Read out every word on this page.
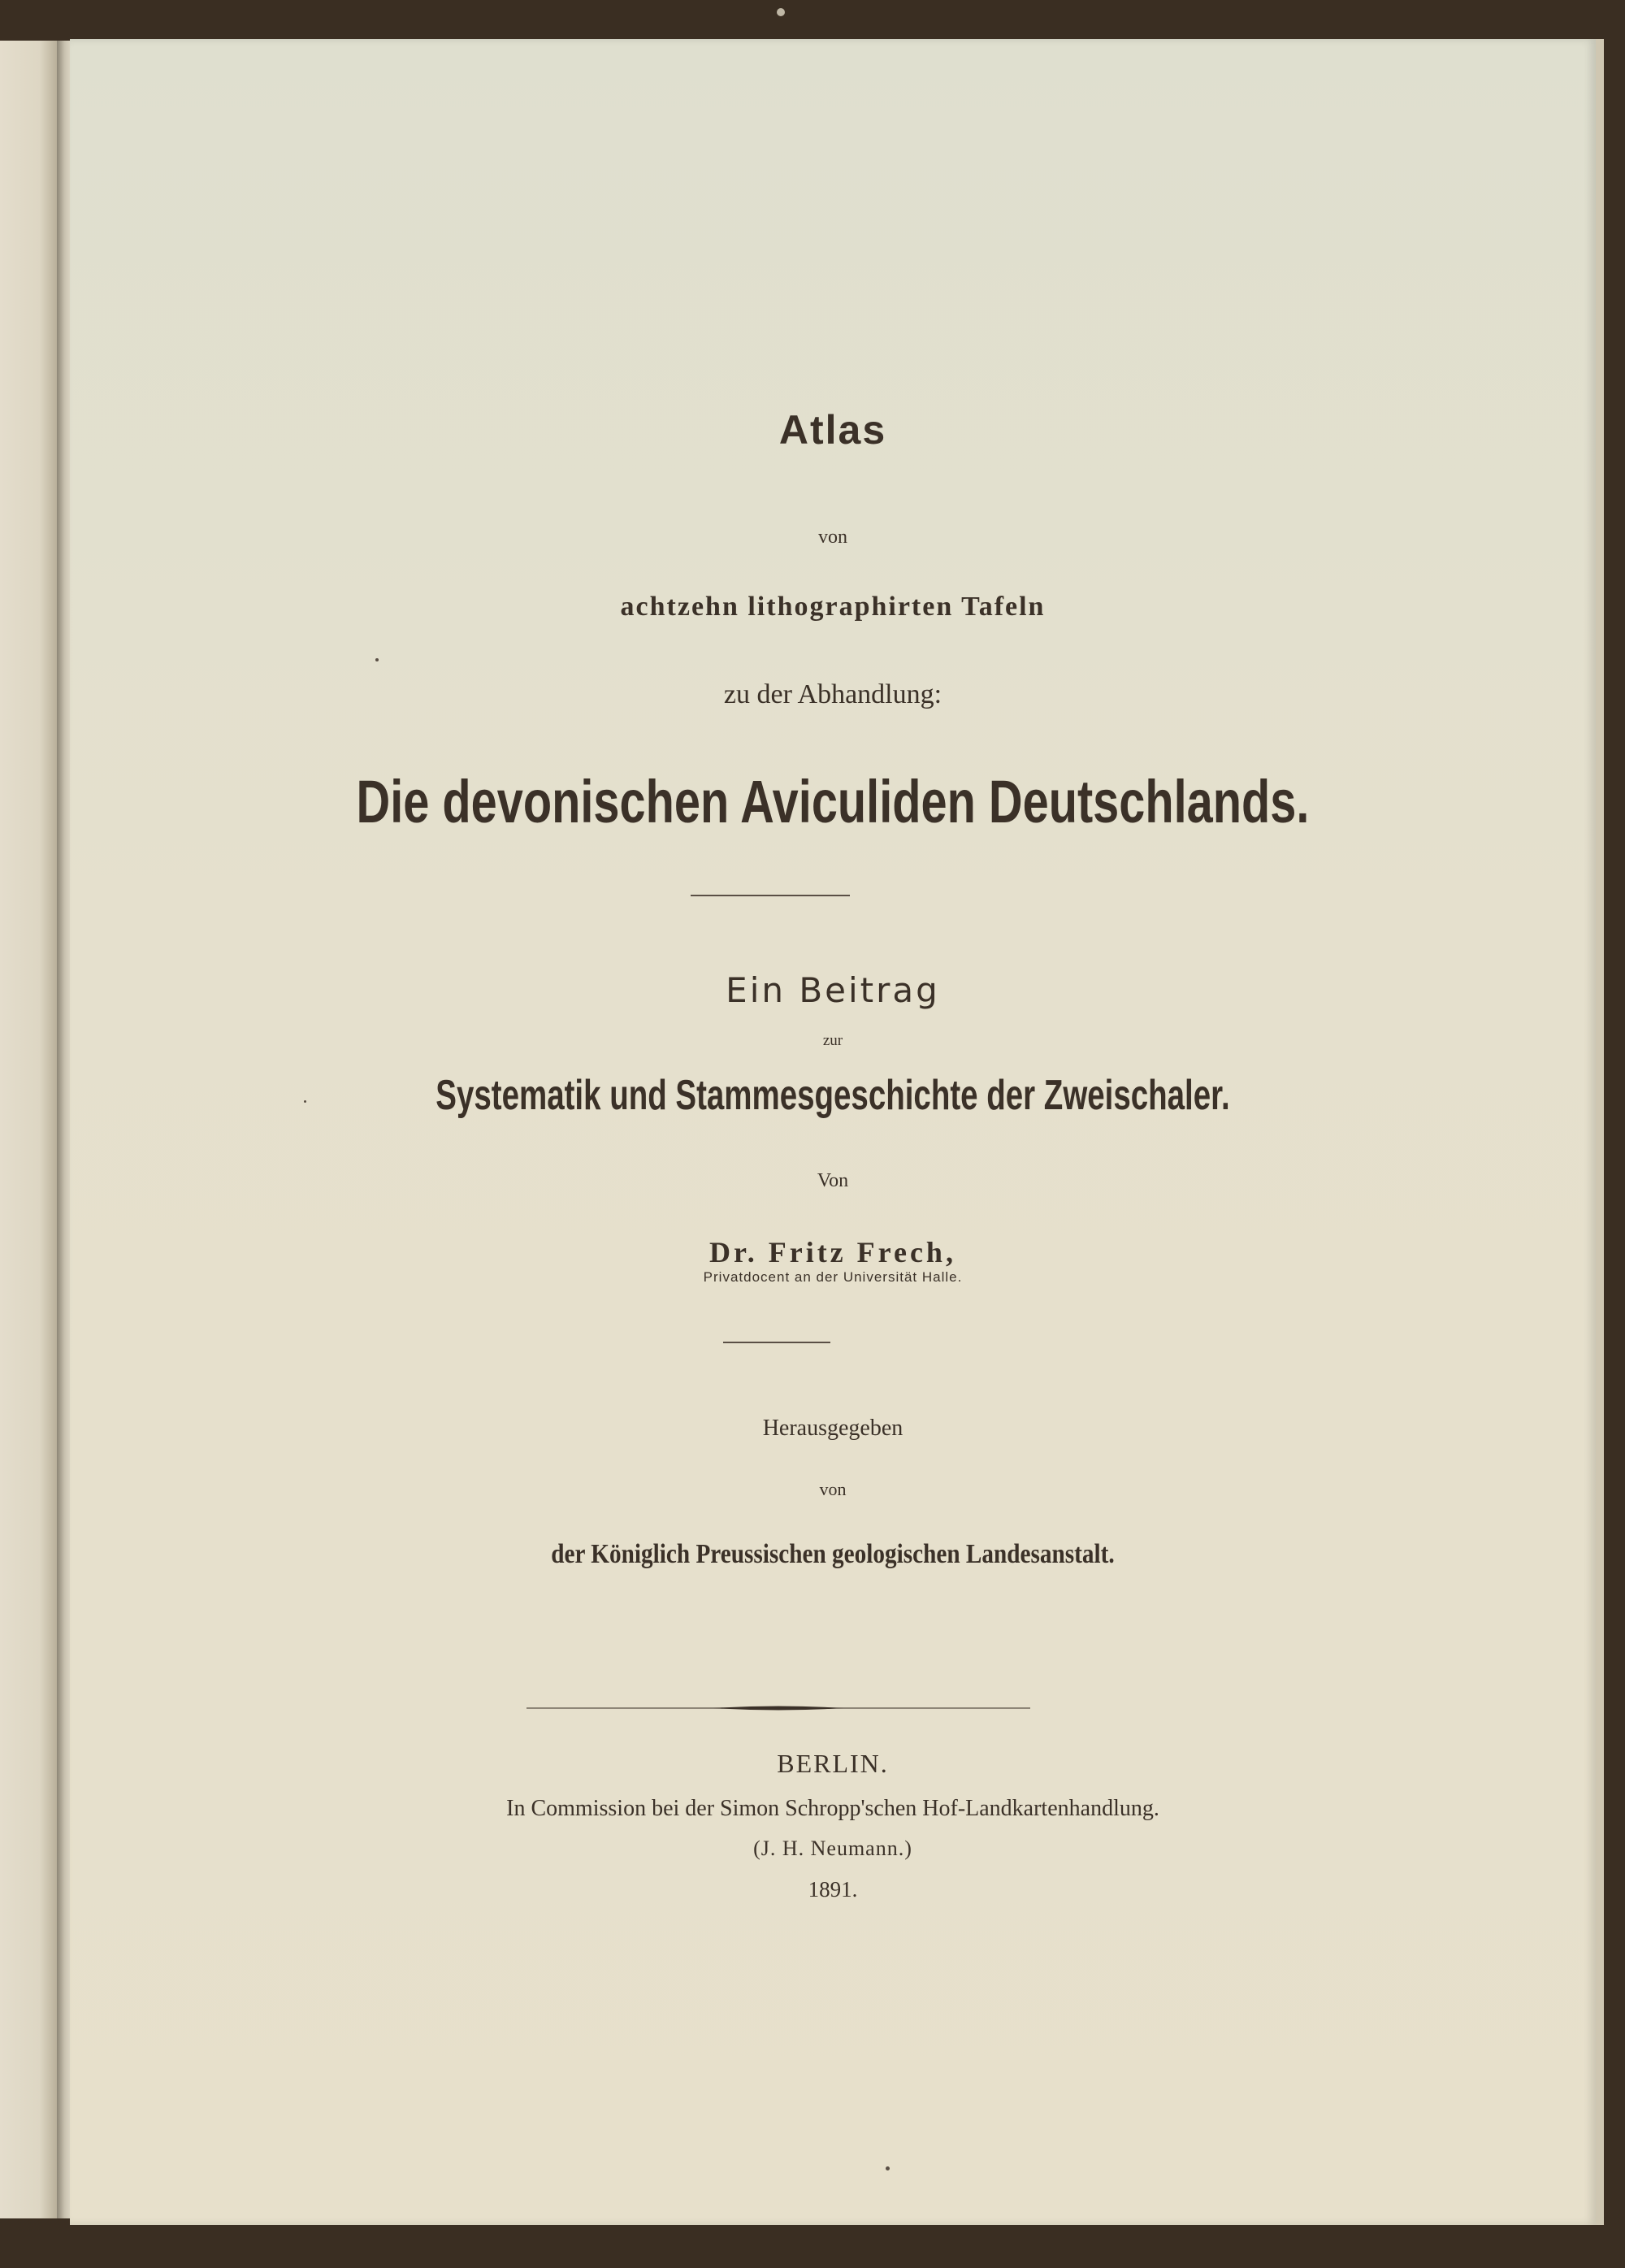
Atlas
von
achtzehn lithographirten Tafeln
zu der Abhandlung:
Die devonischen Aviculiden Deutschlands.
Ein Beitrag
zur
Systematik und Stammesgeschichte der Zweischaler.
Von
Dr. Fritz Frech,
Privatdocent an der Universität Halle.
Herausgegeben
von
der Königlich Preussischen geologischen Landesanstalt.
BERLIN.
In Commission bei der Simon Schropp'schen Hof-Landkartenhandlung.
(J. H. Neumann.)
1891.
